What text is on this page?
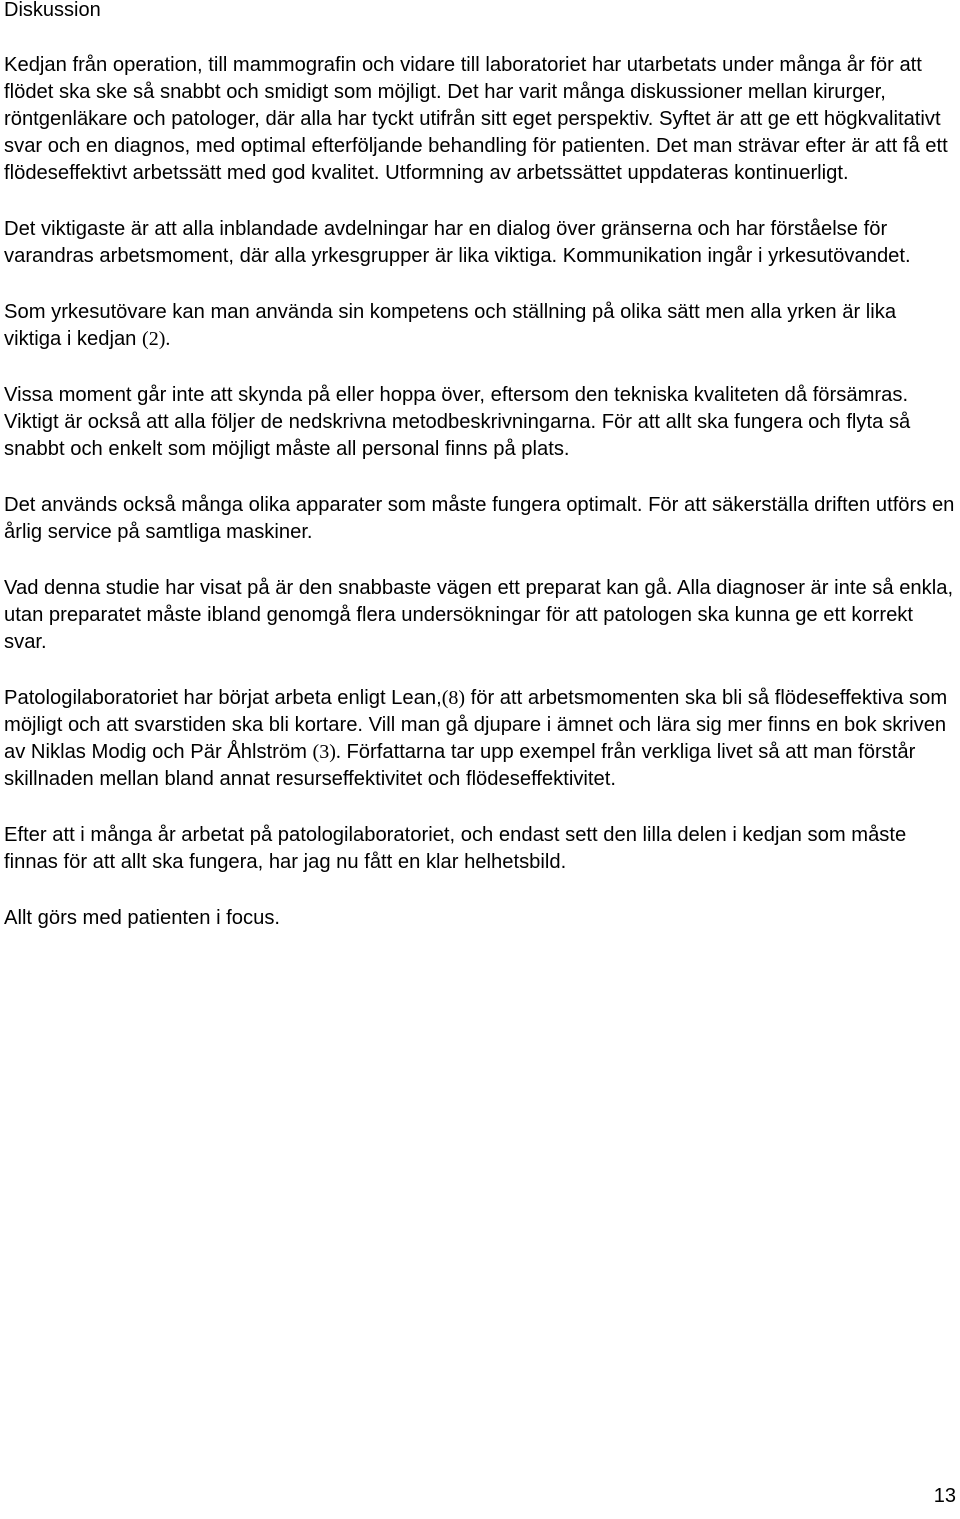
Diskussion

Kedjan från operation, till mammografin och vidare till laboratoriet har utarbetats under många år för att flödet ska ske så snabbt och smidigt som möjligt. Det har varit många diskussioner mellan kirurger, röntgenläkare och patologer, där alla har tyckt utifrån sitt eget perspektiv. Syftet är att ge ett högkvalitativt svar och en diagnos, med optimal efterföljande behandling för patienten. Det man strävar efter är att få ett flödeseffektivt arbetssätt med god kvalitet. Utformning av arbetssättet uppdateras kontinuerligt.

Det viktigaste är att alla inblandade avdelningar har en dialog över gränserna och har förståelse för varandras arbetsmoment, där alla yrkesgrupper är lika viktiga. Kommunikation ingår i yrkesutövandet.

Som yrkesutövare kan man använda sin kompetens och ställning på olika sätt men alla yrken är lika viktiga i kedjan (2).

Vissa moment går inte att skynda på eller hoppa över, eftersom den tekniska kvaliteten då försämras. Viktigt är också att alla följer de nedskrivna metodbeskrivningarna. För att allt ska fungera och flyta så snabbt och enkelt som möjligt måste all personal finns på plats.

Det används också många olika apparater som måste fungera optimalt. För att säkerställa driften utförs en årlig service på samtliga maskiner.

Vad denna studie har visat på är den snabbaste vägen ett preparat kan gå. Alla diagnoser är inte så enkla, utan preparatet måste ibland genomgå flera undersökningar för att patologen ska kunna ge ett korrekt svar.

Patologilaboratoriet har börjat arbeta enligt Lean,(8) för att arbetsmomenten ska bli så flödeseffektiva som möjligt och att svarstiden ska bli kortare. Vill man gå djupare i ämnet och lära sig mer finns en bok skriven av Niklas Modig och Pär Åhlström (3). Författarna tar upp exempel från verkliga livet så att man förstår skillnaden mellan bland annat resurseffektivitet och flödeseffektivitet.

Efter att i många år arbetat på patologilaboratoriet, och endast sett den lilla delen i kedjan som måste finnas för att allt ska fungera, har jag nu fått en klar helhetsbild.

Allt görs med patienten i focus.

13
